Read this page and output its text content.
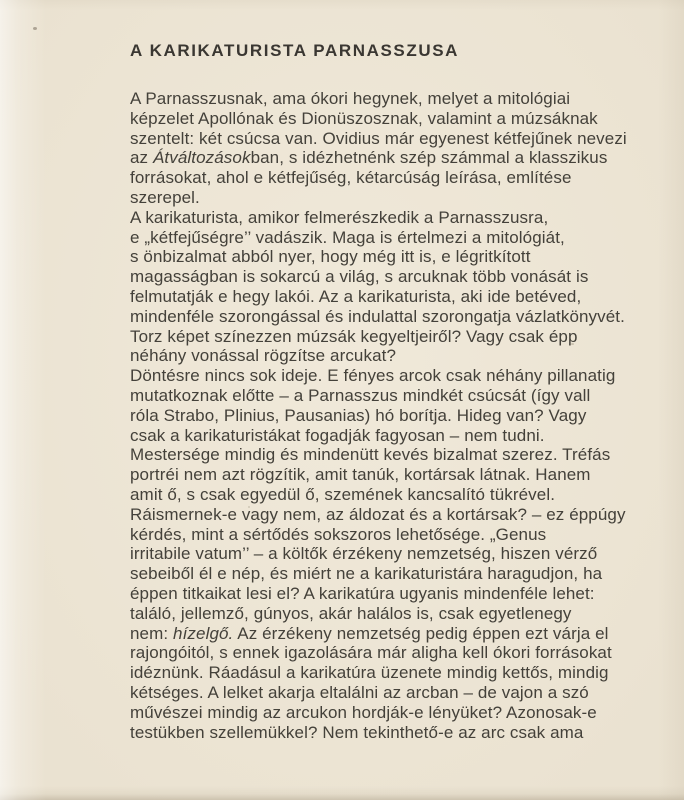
A KARIKATURISTA PARNASSZUSA
A Parnasszusnak, ama ókori hegynek, melyet a mitológiai
képzelet Apollónak és Dionüszosznak, valamint a múzsáknak
szentelt: két csúcsa van. Ovidius már egyenest kétfejűnek nevezi
az Átváltozásokban, s idézhetnénk szép számmal a klasszikus
forrásokat, ahol e kétfejűség, kétarcúság leírása, említése
szerepel.
A karikaturista, amikor felmerészkedik a Parnasszusra,
e „kétfejűségre’’ vadászik. Maga is értelmezi a mitológiát,
s önbizalmat abból nyer, hogy még itt is, e légritkított
magasságban is sokarcú a világ, s arcuknak több vonását is
felmutatják e hegy lakói. Az a karikaturista, aki ide betéved,
mindenféle szorongással és indulattal szorongatja vázlatkönyvét.
Torz képet színezzen múzsák kegyeltjeiről? Vagy csak épp
néhány vonással rögzítse arcukat?
Döntésre nincs sok ideje. E fényes arcok csak néhány pillanatig
mutatkoznak előtte – a Parnasszus mindkét csúcsát (így vall
róla Strabo, Plinius, Pausanias) hó borítja. Hideg van? Vagy
csak a karikaturistákat fogadják fagyosan – nem tudni.
Mestersége mindig és mindenütt kevés bizalmat szerez. Tréfás
portréi nem azt rögzítik, amit tanúk, kortársak látnak. Hanem
amit ő, s csak egyedül ő, szemének kancsalító tükrével.
Ráismernek-e vagy nem, az áldozat és a kortársak? – ez éppúgy
kérdés, mint a sértődés sokszoros lehetősége. „Genus
irritabile vatum’’ – a költők érzékeny nemzetség, hiszen vérző
sebeiből él e nép, és miért ne a karikaturistára haragudjon, ha
éppen titkaikat lesi el? A karikatúra ugyanis mindenféle lehet:
találó, jellemző, gúnyos, akár halálos is, csak egyetlenegy
nem: hízelgő. Az érzékeny nemzetség pedig éppen ezt várja el
rajongóitól, s ennek igazolására már aligha kell ókori forrásokat
idéznünk. Ráadásul a karikatúra üzenete mindig kettős, mindig
kétséges. A lelket akarja eltalálni az arcban – de vajon a szó
művészei mindig az arcukon hordják-e lényüket? Azonosak-e
testükben szellemükkel? Nem tekinthető-e az arc csak ama
